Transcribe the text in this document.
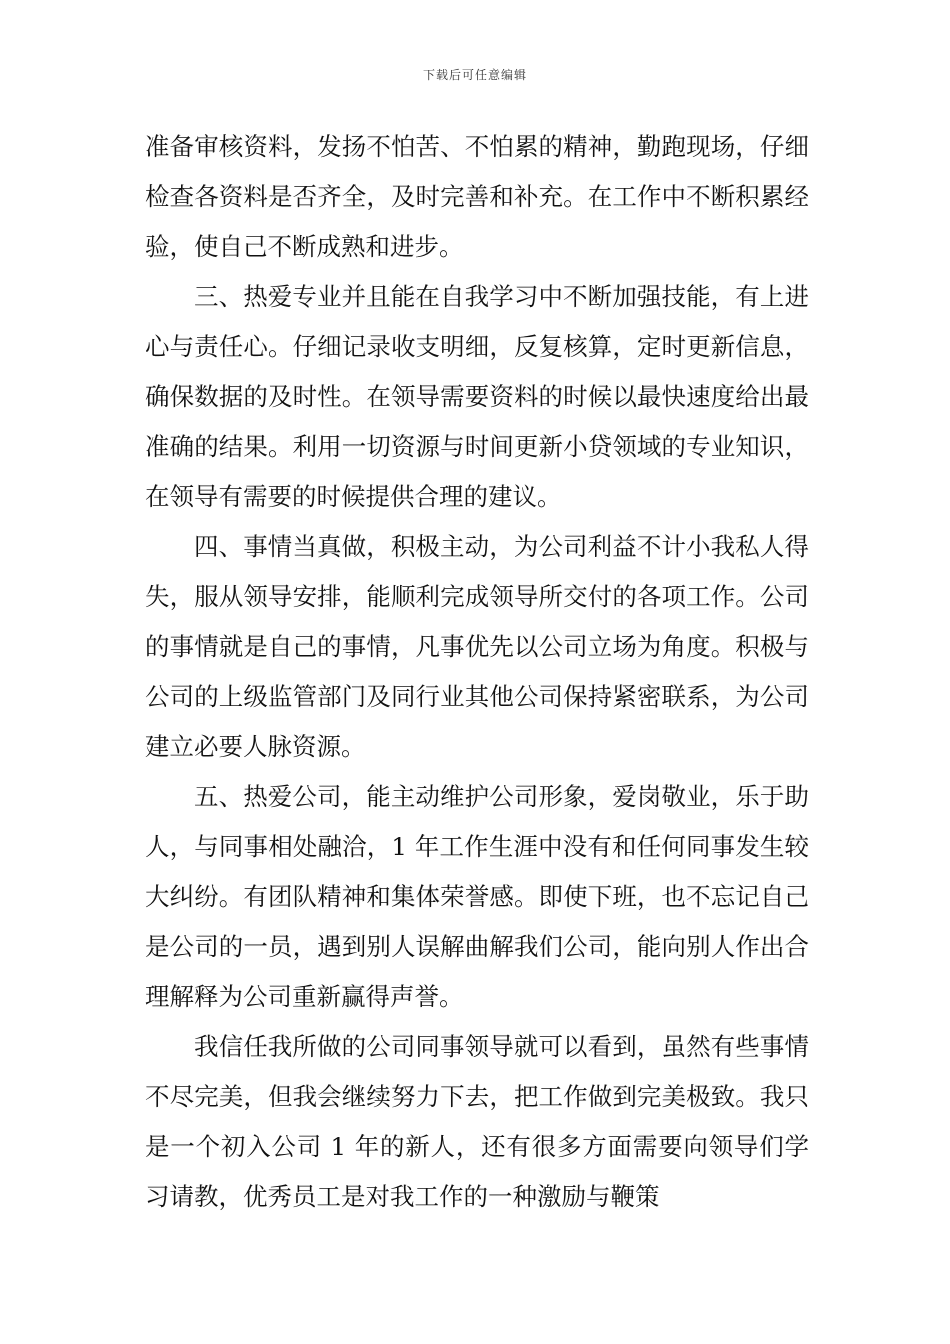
下载后可任意编辑

准备审核资料，发扬不怕苦、不怕累的精神，勤跑现场，仔细检查各资料是否齐全，及时完善和补充。在工作中不断积累经验，使自己不断成熟和进步。

三、热爱专业并且能在自我学习中不断加强技能，有上进心与责任心。仔细记录收支明细，反复核算，定时更新信息，确保数据的及时性。在领导需要资料的时候以最快速度给出最准确的结果。利用一切资源与时间更新小贷领域的专业知识，在领导有需要的时候提供合理的建议。

四、事情当真做，积极主动，为公司利益不计小我私人得失，服从领导安排，能顺利完成领导所交付的各项工作。公司的事情就是自己的事情，凡事优先以公司立场为角度。积极与公司的上级监管部门及同行业其他公司保持紧密联系，为公司建立必要人脉资源。

五、热爱公司，能主动维护公司形象，爱岗敬业，乐于助人，与同事相处融洽，1 年工作生涯中没有和任何同事发生较大纠纷。有团队精神和集体荣誉感。即使下班，也不忘记自己是公司的一员，遇到别人误解曲解我们公司，能向别人作出合理解释为公司重新赢得声誉。

我信任我所做的公司同事领导就可以看到，虽然有些事情不尽完美，但我会继续努力下去，把工作做到完美极致。我只是一个初入公司 1 年的新人，还有很多方面需要向领导们学习请教，优秀员工是对我工作的一种激励与鞭策
